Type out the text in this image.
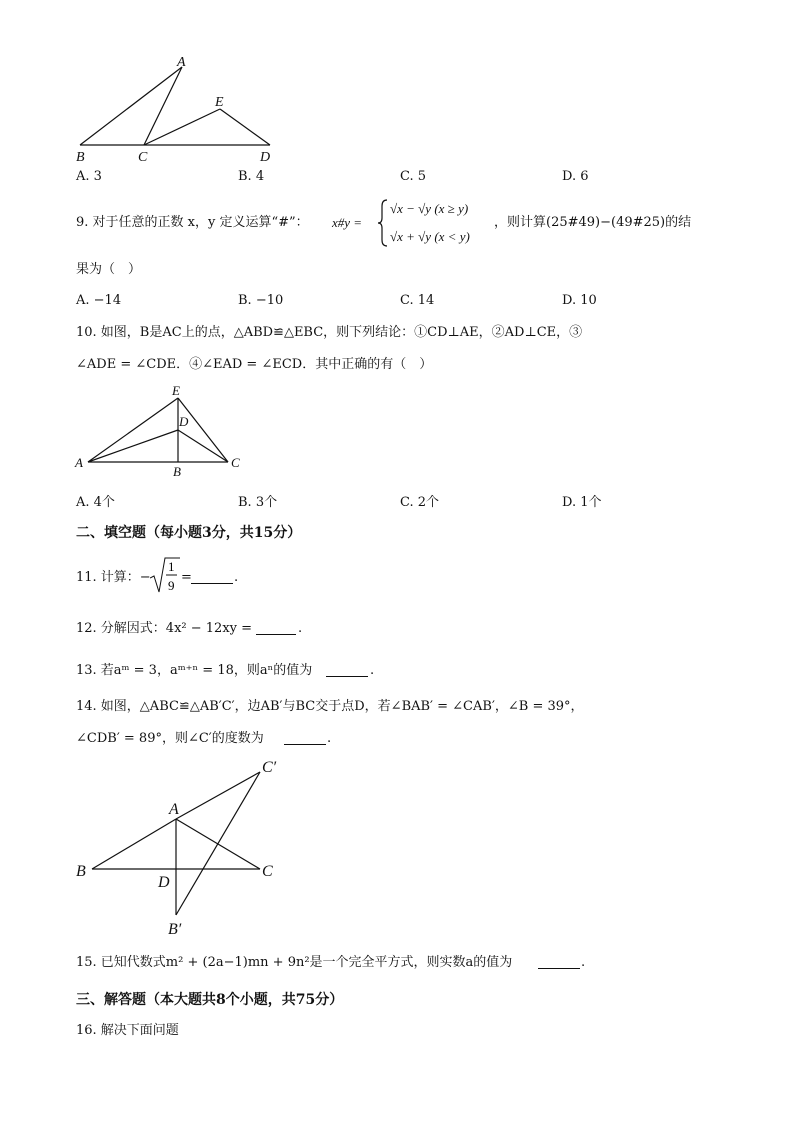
A
E
B	C	D
A. 3	B. 4	C. 5	D. 6
9. 对于任意的正数 x，y 定义运算“#”： x#y =
√x − √y (x ≥ y)
√x + √y (x < y)
，则计算(25#49)−(49#25)的结
果为（　）
A. −14	B. −10	C. 14	D. 10
10. 如图，B是AC上的点，△ABD≌△EBC，则下列结论：①CD⊥AE，②AD⊥CE，③
∠ADE = ∠CDE．④∠EAD = ∠ECD．其中正确的有（　）
E
D
A
B
C
A. 4个	B. 3个	C. 2个	D. 1个
二、填空题（每小题3分，共15分）
11. 计算：−
1
9
=	.
12. 分解因式：4x² − 12xy =	.
13. 若aᵐ = 3，aᵐ⁺ⁿ = 18，则aⁿ的值为	.
14. 如图，△ABC≌△AB′C′，边AB′与BC交于点D，若∠BAB′ = ∠CAB′，∠B = 39°，
∠CDB′ = 89°，则∠C′的度数为	.
A
B	C
D
B′
C′
15. 已知代数式m² + (2a−1)mn + 9n²是一个完全平方式，则实数a的值为	.
三、解答题（本大题共8个小题，共75分）
16. 解决下面问题
